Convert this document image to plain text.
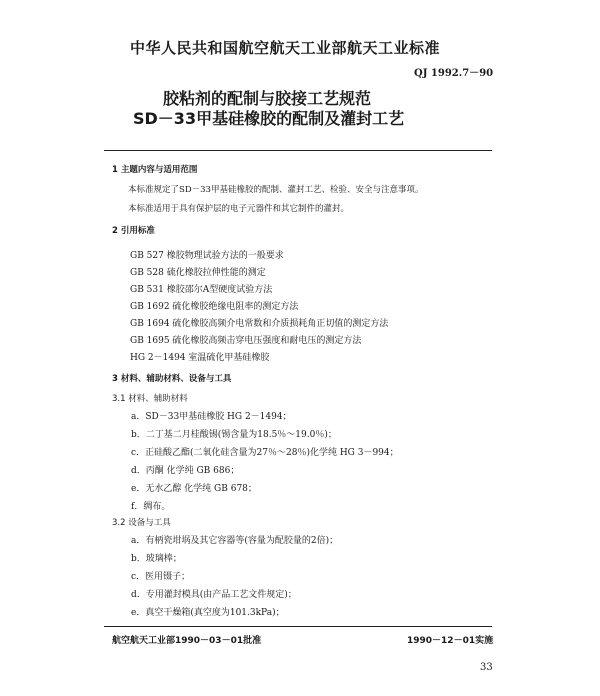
中华人民共和国航空航天工业部航天工业标准
QJ 1992.7－90
胶粘剂的配制与胶接工艺规范
SD－33甲基硅橡胶的配制及灌封工艺
1 主题内容与适用范围
本标准规定了SD－33甲基硅橡胶的配制、灌封工艺、检验、安全与注意事项。
本标准适用于具有保护层的电子元器件和其它制件的灌封。
2 引用标准
GB 527 橡胶物理试验方法的一般要求
GB 528 硫化橡胶拉伸性能的测定
GB 531 橡胶邵尔A型硬度试验方法
GB 1692 硫化橡胶绝缘电阻率的测定方法
GB 1694 硫化橡胶高频介电常数和介质损耗角正切值的测定方法
GB 1695 硫化橡胶高频击穿电压强度和耐电压的测定方法
HG 2－1494 室温硫化甲基硅橡胶
3 材料、辅助材料、设备与工具
3.1 材料、辅助材料
a．SD－33甲基硅橡胶 HG 2－1494；
b．二丁基二月桂酸锡(锡含量为18.5％～19.0％)；
c．正硅酸乙酯(二氧化硅含量为27％～28％)化学纯 HG 3－994；
d．丙酮 化学纯 GB 686；
e．无水乙醇 化学纯 GB 678；
f．绸布。
3.2 设备与工具
a．有柄瓷坩埚及其它容器等(容量为配胶量的2倍)；
b．玻璃棒；
c．医用镊子；
d．专用灌封模具(由产品工艺文件规定)；
e．真空干燥箱(真空度为101.3kPa)；
航空航天工业部1990－03－01批准	1990－12－01实施
33
